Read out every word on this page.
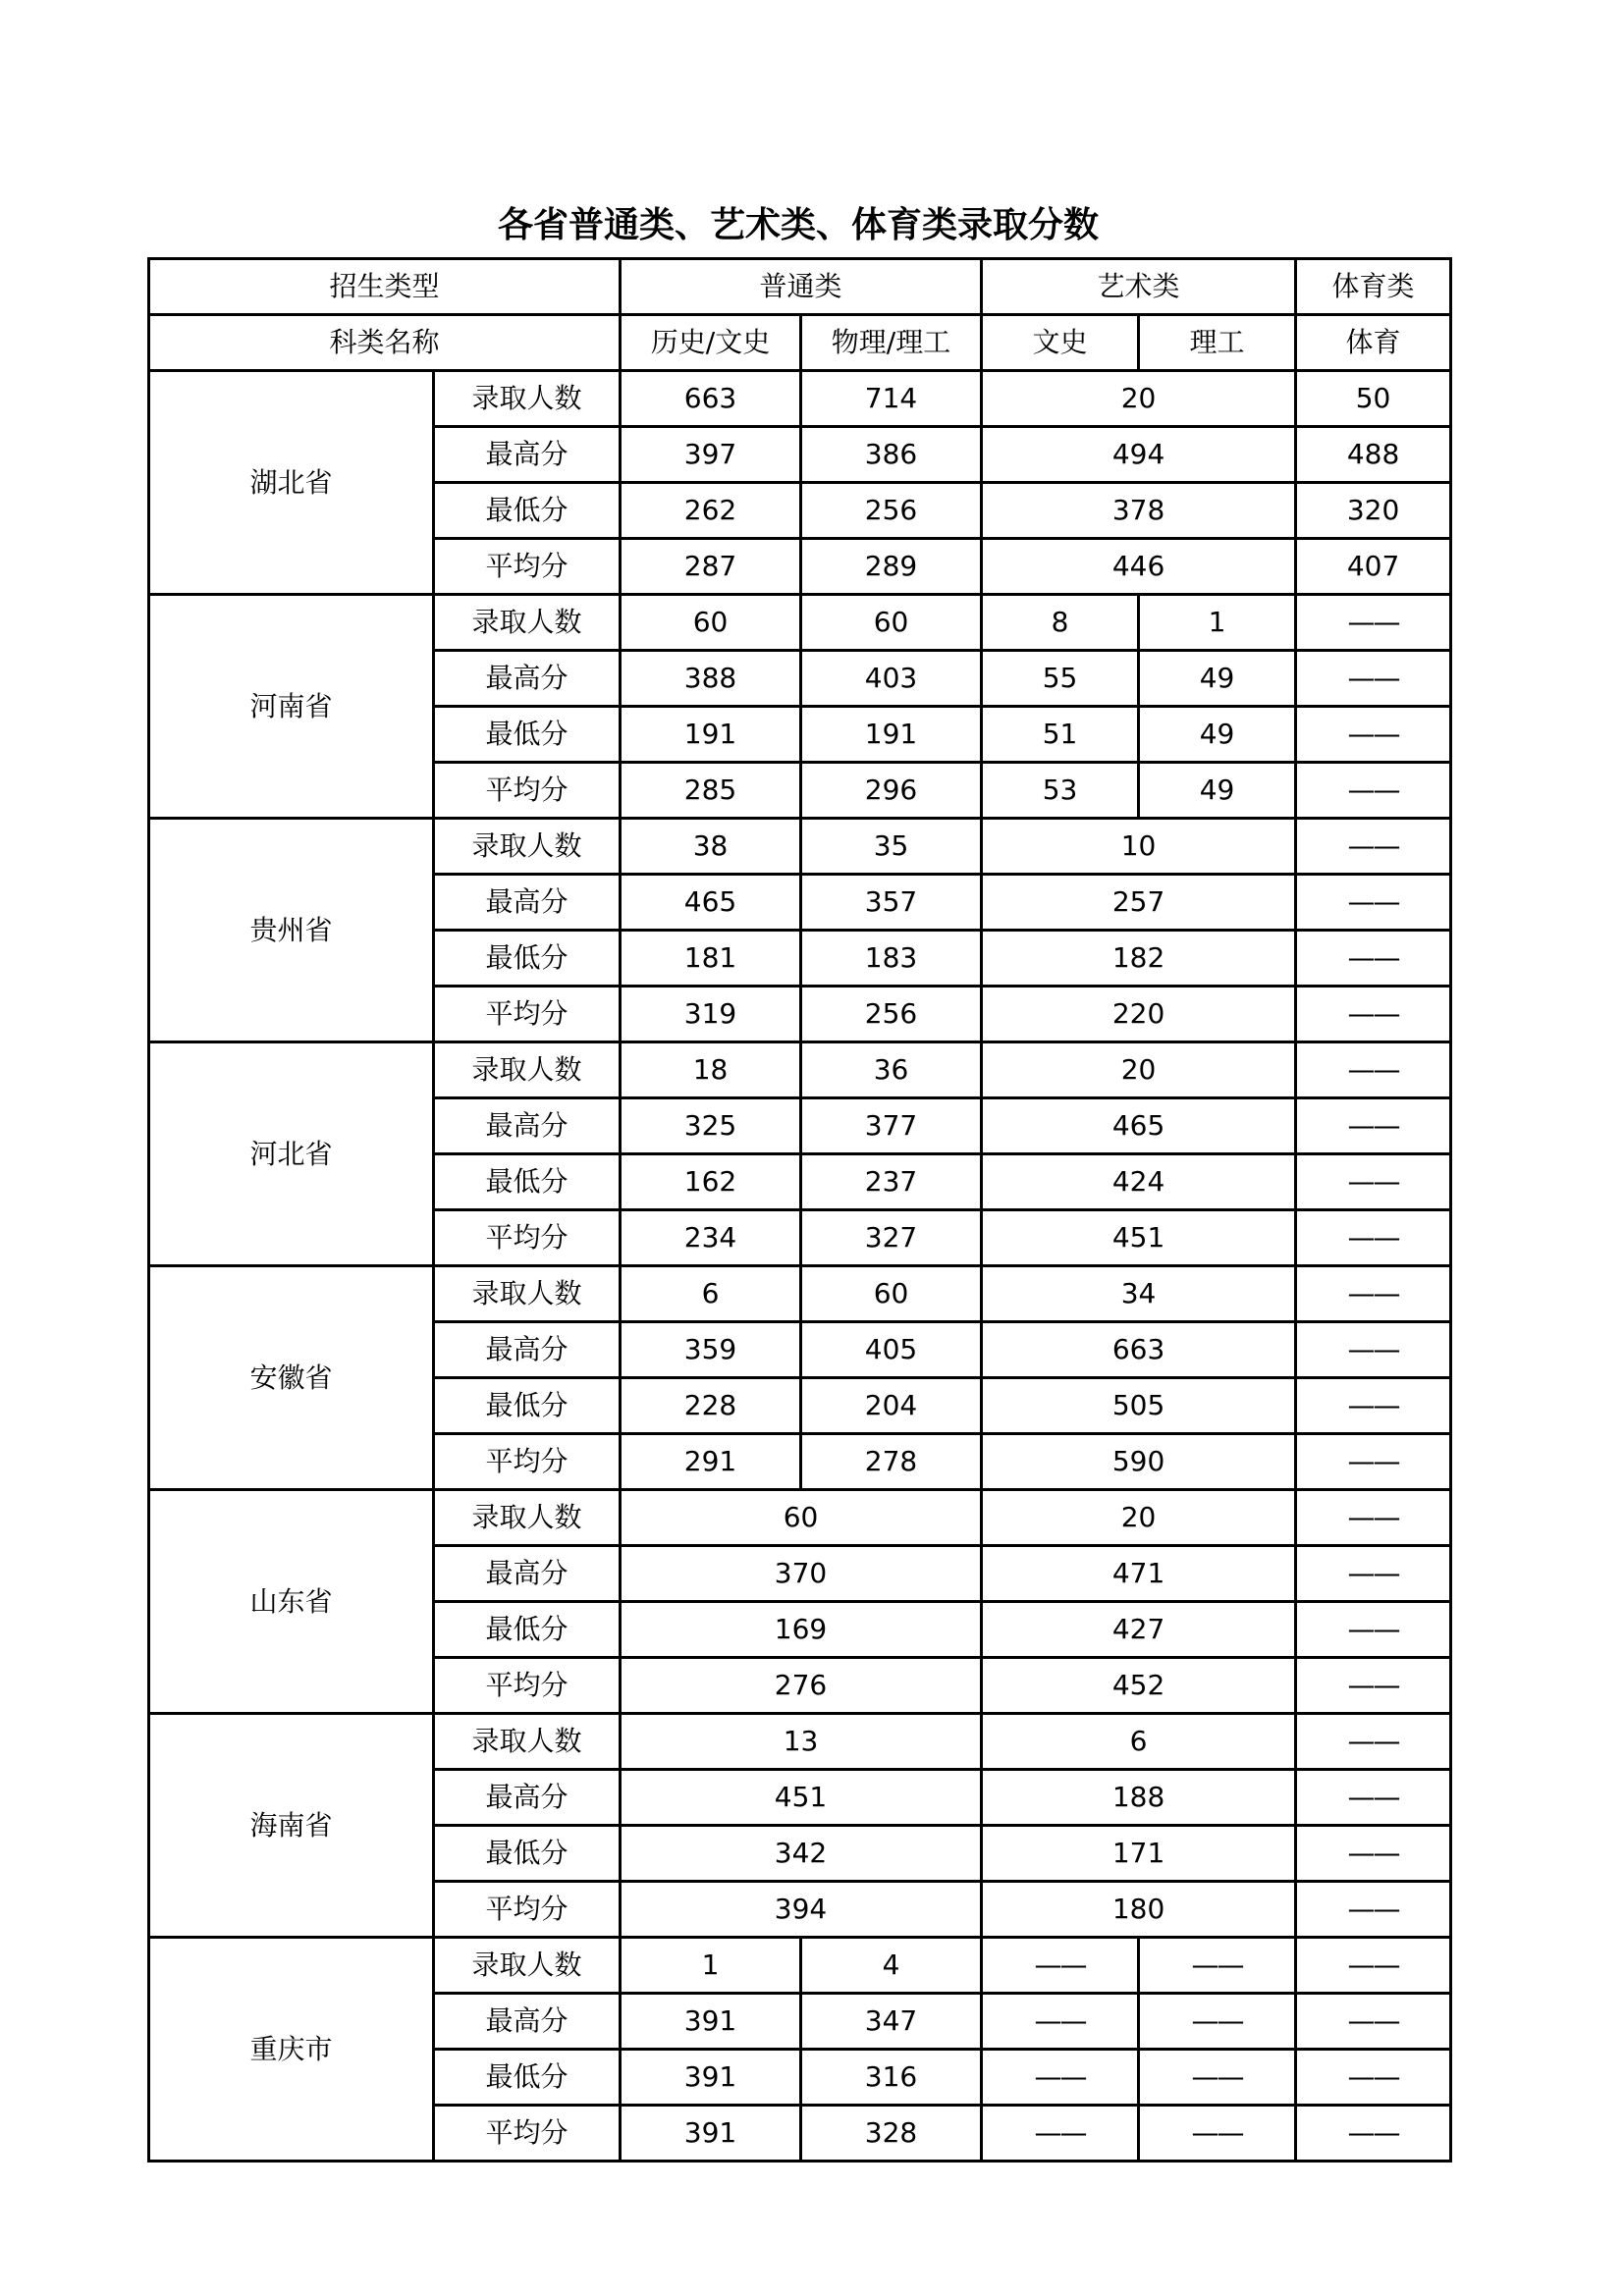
各省普通类、艺术类、体育类录取分数
招生类型		普通类		艺术类		体育类
科类名称		历史/文史	物理/理工	文史	理工	体育
湖北省	录取人数	663	714	20		50
	最高分	397	386	494		488
	最低分	262	256	378		320
	平均分	287	289	446		407
河南省	录取人数	60	60	8	1	——
	最高分	388	403	55	49	——
	最低分	191	191	51	49	——
	平均分	285	296	53	49	——
贵州省	录取人数	38	35	10		——
	最高分	465	357	257		——
	最低分	181	183	182		——
	平均分	319	256	220		——
河北省	录取人数	18	36	20		——
	最高分	325	377	465		——
	最低分	162	237	424		——
	平均分	234	327	451		——
安徽省	录取人数	6	60	34		——
	最高分	359	405	663		——
	最低分	228	204	505		——
	平均分	291	278	590		——
山东省	录取人数	60		20		——
	最高分	370		471		——
	最低分	169		427		——
	平均分	276		452		——
海南省	录取人数	13		6		——
	最高分	451		188		——
	最低分	342		171		——
	平均分	394		180		——
重庆市	录取人数	1	4	——	——	——
	最高分	391	347	——	——	——
	最低分	391	316	——	——	——
	平均分	391	328	——	——	——
